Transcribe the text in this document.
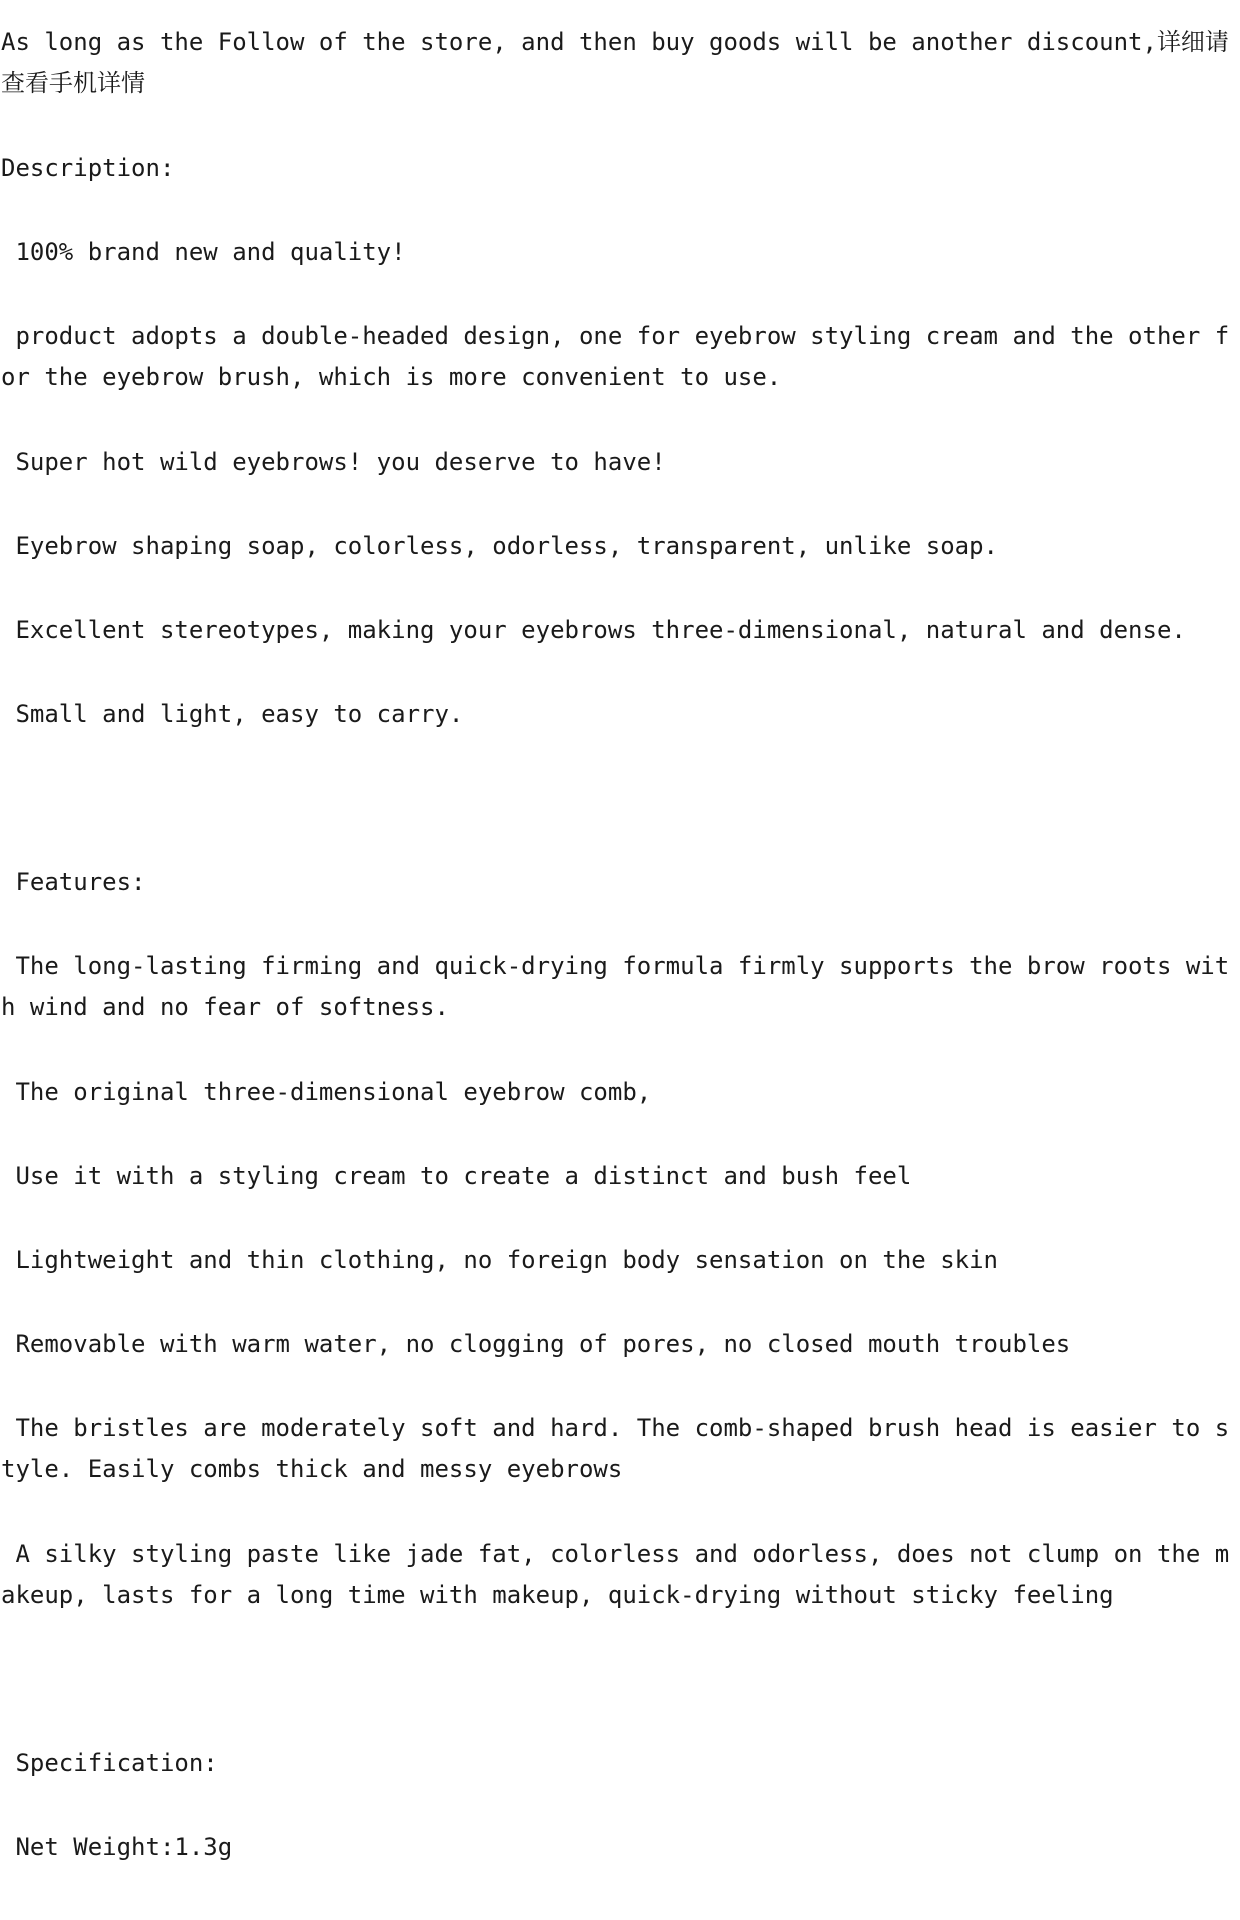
As long as the Follow of the store, and then buy goods will be another discount,详细请查看手机详情

Description:

100% brand new and quality!

product adopts a double-headed design, one for eyebrow styling cream and the other for the eyebrow brush, which is more convenient to use.

Super hot wild eyebrows! you deserve to have!

Eyebrow shaping soap, colorless, odorless, transparent, unlike soap.

Excellent stereotypes, making your eyebrows three-dimensional, natural and dense.

Small and light, easy to carry.

Features:

The long-lasting firming and quick-drying formula firmly supports the brow roots with wind and no fear of softness.

The original three-dimensional eyebrow comb,

Use it with a styling cream to create a distinct and bush feel

Lightweight and thin clothing, no foreign body sensation on the skin

Removable with warm water, no clogging of pores, no closed mouth troubles

The bristles are moderately soft and hard. The comb-shaped brush head is easier to style. Easily combs thick and messy eyebrows

A silky styling paste like jade fat, colorless and odorless, does not clump on the makeup, lasts for a long time with makeup, quick-drying without sticky feeling

Specification:

Net Weight:1.3g
